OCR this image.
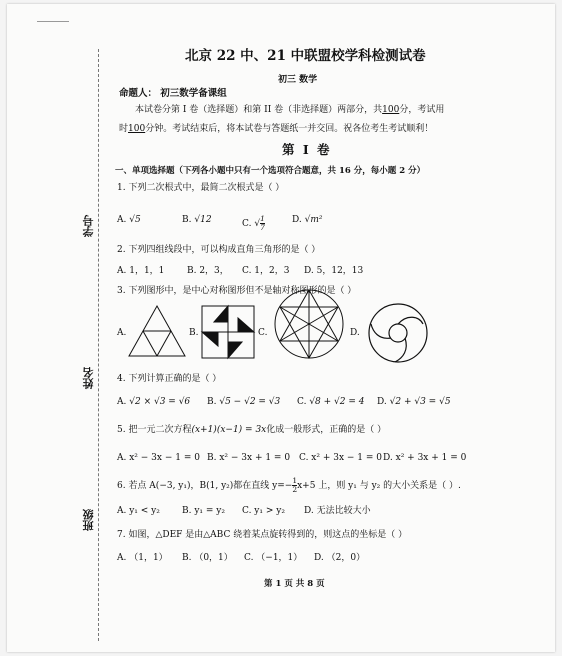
学号
姓名
班级
北京 22 中、21 中联盟校学科检测试卷
初三 数学
命题人： 初三数学备课组
本试卷分第 I 卷（选择题）和第 II 卷（非选择题）两部分，共100分，考试用
时100分钟。考试结束后，将本试卷与答题纸一并交回。祝各位考生考试顺利！
第 I 卷
一、单项选择题（下列各小题中只有一个选项符合题意，共 16 分，每小题 2 分）
1. 下列二次根式中，最简二次根式是（ ）
A. √5	B. √12	C. √
1
7
D. √m²
2. 下列四组线段中，可以构成直角三角形的是（ ）
A. 1，1，1	B. 2，3， C. 1，2，3 D. 5，12，13
3. 下列图形中，是中心对称图形但不是轴对称图形的是（ ）
A.	B.	C.	D.
4. 下列计算正确的是（ ）
A. √2 × √3 = √6 B. √5 − √2 = √3 C. √8 + √2 = 4 D. √2 + √3 = √5
5. 把一元二次方程(x+1)(x−1) = 3x化成一般形式，正确的是（ ）
A. x² − 3x − 1 = 0 B. x² − 3x + 1 = 0 C. x² + 3x − 1 = 0 D. x² + 3x + 1 = 0
6. 若点 A(−3, y₁)，B(1, y₂)都在直线 y=−
1
2x+5 上，则 y₁ 与 y₂ 的大小关系是（ ）.
A. y₁ < y₂ B. y₁ = y₂ C. y₁ > y₂ D. 无法比较大小
7. 如图，△DEF 是由△ABC 绕着某点旋转得到的，则这点的坐标是（ ）
A. （1，1） B. （0，1） C. （−1，1） D. （2，0）
第 1 页 共 8 页
